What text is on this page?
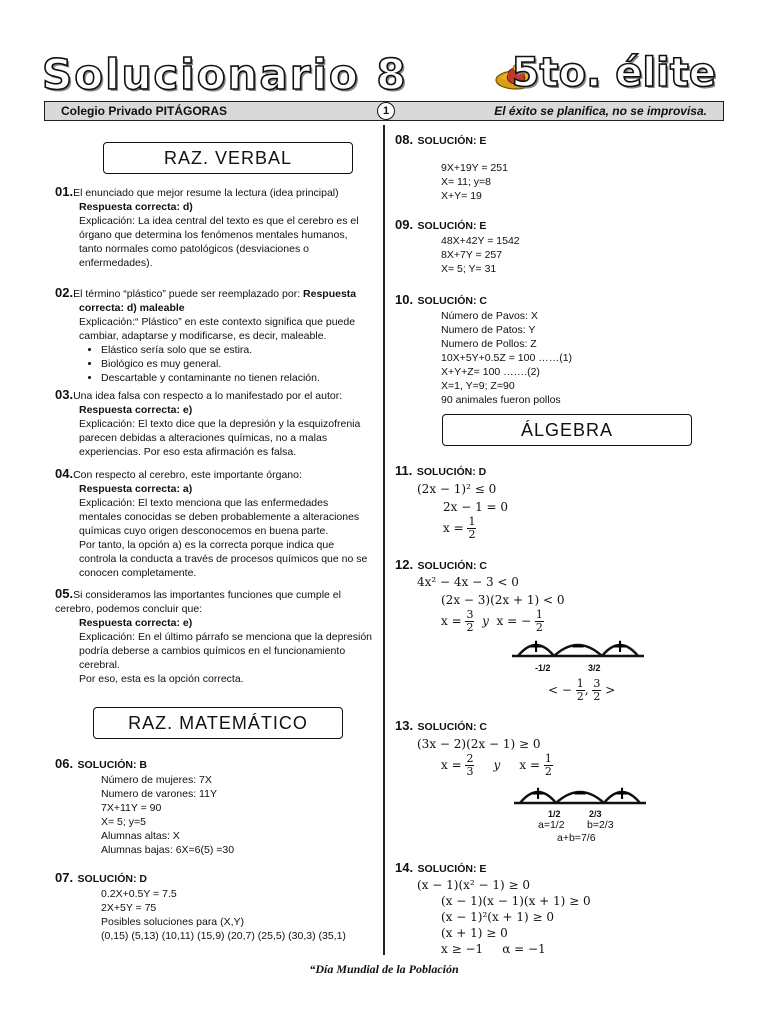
Solucionario 8	5to. élite
Colegio Privado PITÁGORAS	1	El éxito se planifica, no se improvisa.
RAZ. VERBAL
01.El enunciado que mejor resume la lectura (idea principal)
Respuesta correcta: d)
Explicación: La idea central del texto es que el cerebro es el órgano que determina los fenómenos mentales humanos, tanto normales como patológicos (desviaciones o enfermedades).
02.El término “plástico” puede ser reemplazado por: Respuesta
correcta: d) maleable
Explicación:“ Plástico” en este contexto significa que puede cambiar, adaptarse y modificarse, es decir, maleable.
• Elástico sería solo que se estira.
• Biológico es muy general.
• Descartable y contaminante no tienen relación.
03.Una idea falsa con respecto a lo manifestado por el autor:
Respuesta correcta: e)
Explicación: El texto dice que la depresión y la esquizofrenia parecen debidas a alteraciones químicas, no a malas experiencias. Por eso esta afirmación es falsa.
04.Con respecto al cerebro, este importante órgano:
Respuesta correcta: a)
Explicación: El texto menciona que las enfermedades mentales conocidas se deben probablemente a alteraciones químicas cuyo origen desconocemos en buena parte.
Por tanto, la opción a) es la correcta porque indica que controla la conducta a través de procesos químicos que no se conocen completamente.
05.Si consideramos las importantes funciones que cumple el cerebro, podemos concluir que:
Respuesta correcta: e)
Explicación: En el último párrafo se menciona que la depresión podría deberse a cambios químicos en el funcionamiento cerebral.
Por eso, esta es la opción correcta.
RAZ. MATEMÁTICO
06. SOLUCIÓN: B
Número de mujeres: 7X
Numero de varones: 11Y
7X+11Y = 90
X= 5; y=5
Alumnas altas: X
Alumnas bajas: 6X=6(5) =30
07. SOLUCIÓN: D
0.2X+0.5Y = 7.5
2X+5Y = 75
Posibles soluciones para (X,Y)
(0,15) (5,13) (10,11) (15,9) (20,7) (25,5) (30,3) (35,1)
08. SOLUCIÓN: E
9X+19Y = 251
X= 11; y=8
X+Y= 19
09. SOLUCIÓN: E
48X+42Y = 1542
8X+7Y = 257
X= 5; Y= 31
10. SOLUCIÓN: C
Número de Pavos: X
Numero de Patos: Y
Numero de Pollos: Z
10X+5Y+0.5Z = 100 ……(1)
X+Y+Z= 100 …….(2)
X=1, Y=9; Z=90
90 animales fueron pollos
ÁLGEBRA
11. SOLUCIÓN: D
(2x − 1)² ≤ 0
2x − 1 = 0
$x = \frac{1}{2}$
12. SOLUCIÓN: C
4x² − 4x − 3 < 0
(2x − 3)(2x + 1) < 0
$x = \frac{3}{2}$ y x = − $\frac{1}{2}$
+ − +
-1/2	3/2
< − $\frac{1}{2}$ , $\frac{3}{2}$ >
13. SOLUCIÓN: C
(3x − 2)(2x − 1) ≥ 0
$x = \frac{2}{3}$ y $x = \frac{1}{2}$
+ − +
1/2	2/3
a=1/2 b=2/3
a+b=7/6
14. SOLUCIÓN: E
(x − 1)(x² − 1) ≥ 0
(x − 1)(x − 1)(x + 1) ≥ 0
(x − 1)²(x + 1) ≥ 0
(x + 1) ≥ 0
x ≥ −1     α = −1
“Día Mundial de la Población
